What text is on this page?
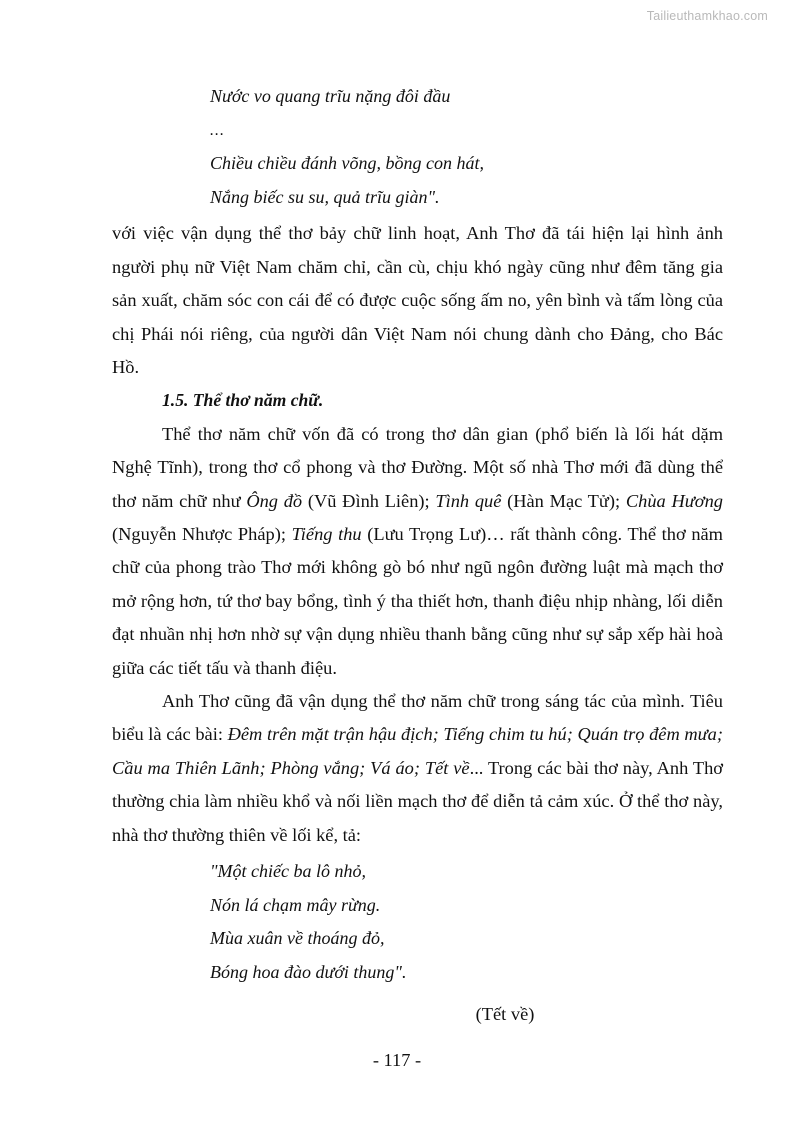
Tailieuthamkhao.com
Nước vo quang trĩu nặng đôi đầu
...
Chiều chiều đánh võng, bồng con hát,
Nắng biếc su su, quả trĩu giàn".

với việc vận dụng thể thơ bảy chữ linh hoạt, Anh Thơ đã tái hiện lại hình ảnh người phụ nữ Việt Nam chăm chỉ, cần cù, chịu khó ngày cũng như đêm tăng gia sản xuất, chăm sóc con cái để có được cuộc sống ấm no, yên bình và tấm lòng của chị Phái nói riêng, của người dân Việt Nam nói chung dành cho Đảng, cho Bác Hồ.

1.5. Thể thơ năm chữ.

Thể thơ năm chữ vốn đã có trong thơ dân gian (phổ biến là lối hát dặm Nghệ Tĩnh), trong thơ cổ phong và thơ Đường. Một số nhà Thơ mới đã dùng thể thơ năm chữ như Ông đồ (Vũ Đình Liên); Tình quê (Hàn Mạc Tử); Chùa Hương (Nguyễn Nhược Pháp); Tiếng thu (Lưu Trọng Lư)… rất thành công. Thể thơ năm chữ của phong trào Thơ mới không gò bó như ngũ ngôn đường luật mà mạch thơ mở rộng hơn, tứ thơ bay bổng, tình ý tha thiết hơn, thanh điệu nhịp nhàng, lối diễn đạt nhuần nhị hơn nhờ sự vận dụng nhiều thanh bằng cũng như sự sắp xếp hài hoà giữa các tiết tấu và thanh điệu.

Anh Thơ cũng đã vận dụng thể thơ năm chữ trong sáng tác của mình. Tiêu biểu là các bài: Đêm trên mặt trận hậu địch; Tiếng chim tu hú; Quán trọ đêm mưa; Cầu ma Thiên Lãnh; Phòng vắng; Vá áo; Tết về... Trong các bài thơ này, Anh Thơ thường chia làm nhiều khổ và nối liền mạch thơ để diễn tả cảm xúc. Ở thể thơ này, nhà thơ thường thiên về lối kể, tả:

"Một chiếc ba lô nhỏ,
Nón lá chạm mây rừng.
Mùa xuân về thoáng đỏ,
Bóng hoa đào dưới thung".

(Tết về)

- 117 -
